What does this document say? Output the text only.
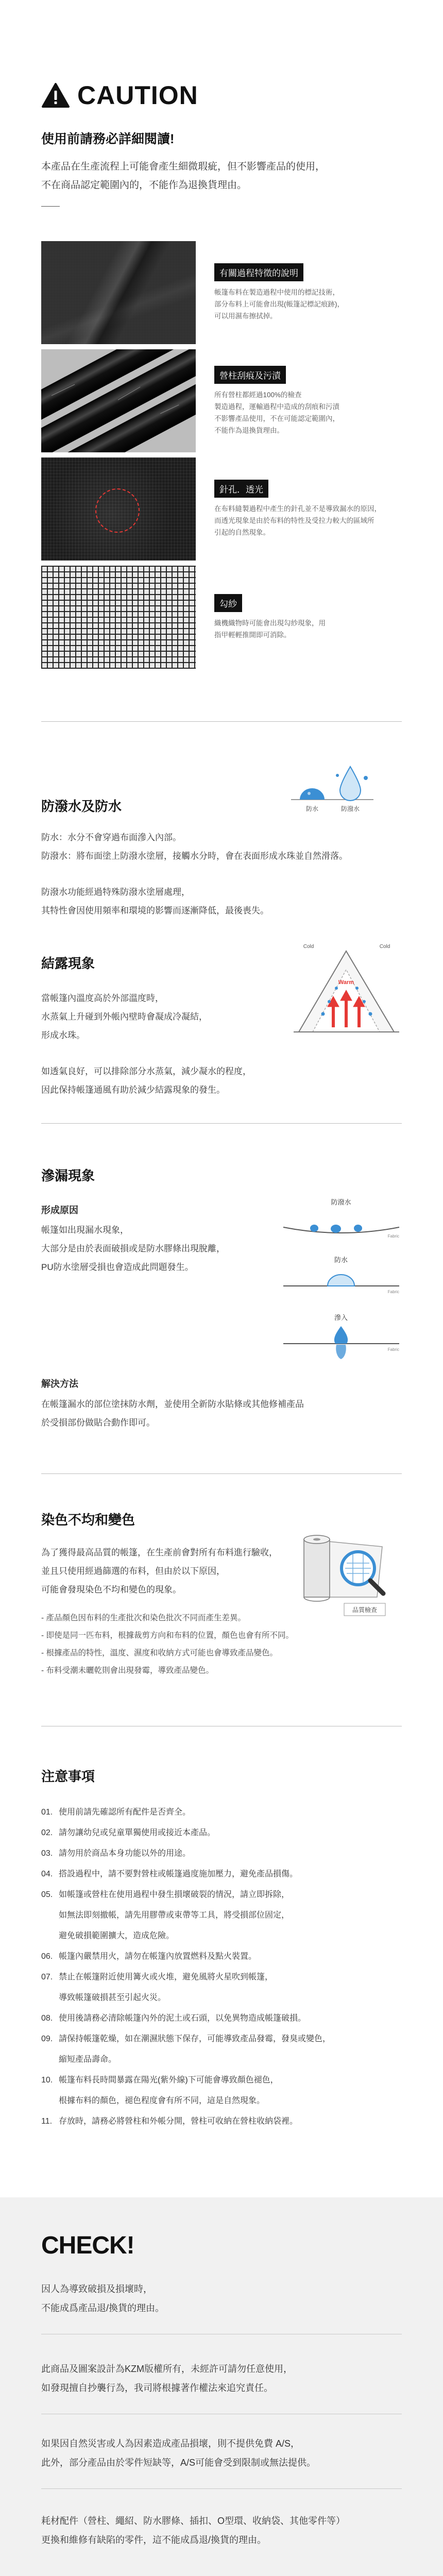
CAUTION
使用前請務必詳細閱讀!

本產品在生產流程上可能會產生細微瑕疵，但不影響產品的使用，

不在商品認定範圍內的，不能作為退換貨理由。

有關過程特徵的說明

帳篷布料在製造過程中使用的標記技術，

部分布料上可能會出現(帳篷記標記痕跡)，

可以用濕布擦拭掉。

營柱刮痕及污漬

所有營柱都經過100%的檢查

製造過程，運輸過程中造成的刮痕和污漬

不影響產品使用，不在可能認定範圍內，

不能作為退換貨理由。

針孔．透光

在布料縫製過程中產生的針孔並不是導致漏水的原因，

而透光現象是由於布料的特性及受拉力較大的區域所

引起的自然現象。

勾紗

織機織物時可能會出現勾紗現象，用

指甲輕輕推開即可消除。

防潑水及防水	防水	防潑水

防水：水分不會穿過布面滲入內部。

防潑水：將布面塗上防潑水塗層，接觸水分時，會在表面形成水珠並自然滑落。

防潑水功能經過特殊防潑水塗層處理，

其特性會因使用頻率和環境的影響而逐漸降低，最後喪失。

結露現象
Cold	Cold
Warm

當帳篷內溫度高於外部溫度時，

水蒸氣上升碰到外帳內壁時會凝成冷凝結，

形成水珠。

如透氣良好，可以排除部分水蒸氣，減少凝水的程度，

因此保持帳篷通風有助於減少結露現象的發生。

滲漏現象
形成原因

帳篷如出現漏水現象，

大部分是由於表面破損或是防水膠條出現脫離，

PU防水塗層受損也會造成此問題發生。

防潑水
Fabric
防水
Fabric
滲入
Fabric
解決方法

在帳篷漏水的部位塗抹防水劑，並使用全新防水貼條或其他修補產品

於受損部份做貼合動作即可。

染色不均和變色
品質檢查

為了獲得最高品質的帳篷，在生產前會對所有布料進行驗收，

並且只使用經過篩選的布料，但由於以下原因，

可能會發現染色不均和變色的現象。

- 產品顏色因布料的生產批次和染色批次不同而產生差異。

- 即使是同一匹布料，根據裁剪方向和布料的位置，顏色也會有所不同。

- 根據產品的特性，溫度、濕度和收納方式可能也會導致產品變色。

- 布料受潮未曬乾則會出現發霉，導致產品變色。

注意事項
01. 使用前請先確認所有配件是否齊全。
02. 請勿讓幼兒或兒童單獨使用或接近本產品。
03. 請勿用於商品本身功能以外的用途。
04. 搭設過程中，請不要對營柱或帳篷過度施加壓力，避免產品損傷。
05. 如帳篷或營柱在使用過程中發生損壞破裂的情況，請立即拆除，
如無法即刻撤帳，請先用膠帶或束帶等工具，將受損部位固定，
避免破損範圍擴大，造成危險。
06. 帳篷內嚴禁用火，請勿在帳篷內放置燃料及點火裝置。
07. 禁止在帳篷附近使用篝火或火堆，避免風將火星吹到帳篷，
導致帳篷破損甚至引起火災。
08. 使用後請務必清除帳篷內外的泥土或石頭，以免異物造成帳篷破損。
09. 請保持帳篷乾燥，如在潮濕狀態下保存，可能導致產品發霉，發臭或變色，
縮短產品壽命。
10. 帳篷布料長時間暴露在陽光(紫外線)下可能會導致顏色褪色，
根據布料的顏色，褪色程度會有所不同，這是自然現象。
11. 存放時，請務必將營柱和外帳分開，營柱可收納在營柱收納袋裡。
CHECK!

因人為導致破損及損壞時，

不能成爲產品退/換貨的理由。

此商品及圖案設計為KZM版權所有，未經許可請勿任意使用，

如發現擅自抄襲行為，我司將根據著作權法來追究責任。

如果因自然災害或人為因素造成產品損壞，則不提供免費 A/S，

此外，部分產品由於零件短缺等，A/S可能會受到限制或無法提供。

耗材配件（營柱、繩紹、防水膠條、插扣、O型環、收納袋、其他零件等）

更換和維修有缺陷的零件，這不能成爲退/換貨的理由。
